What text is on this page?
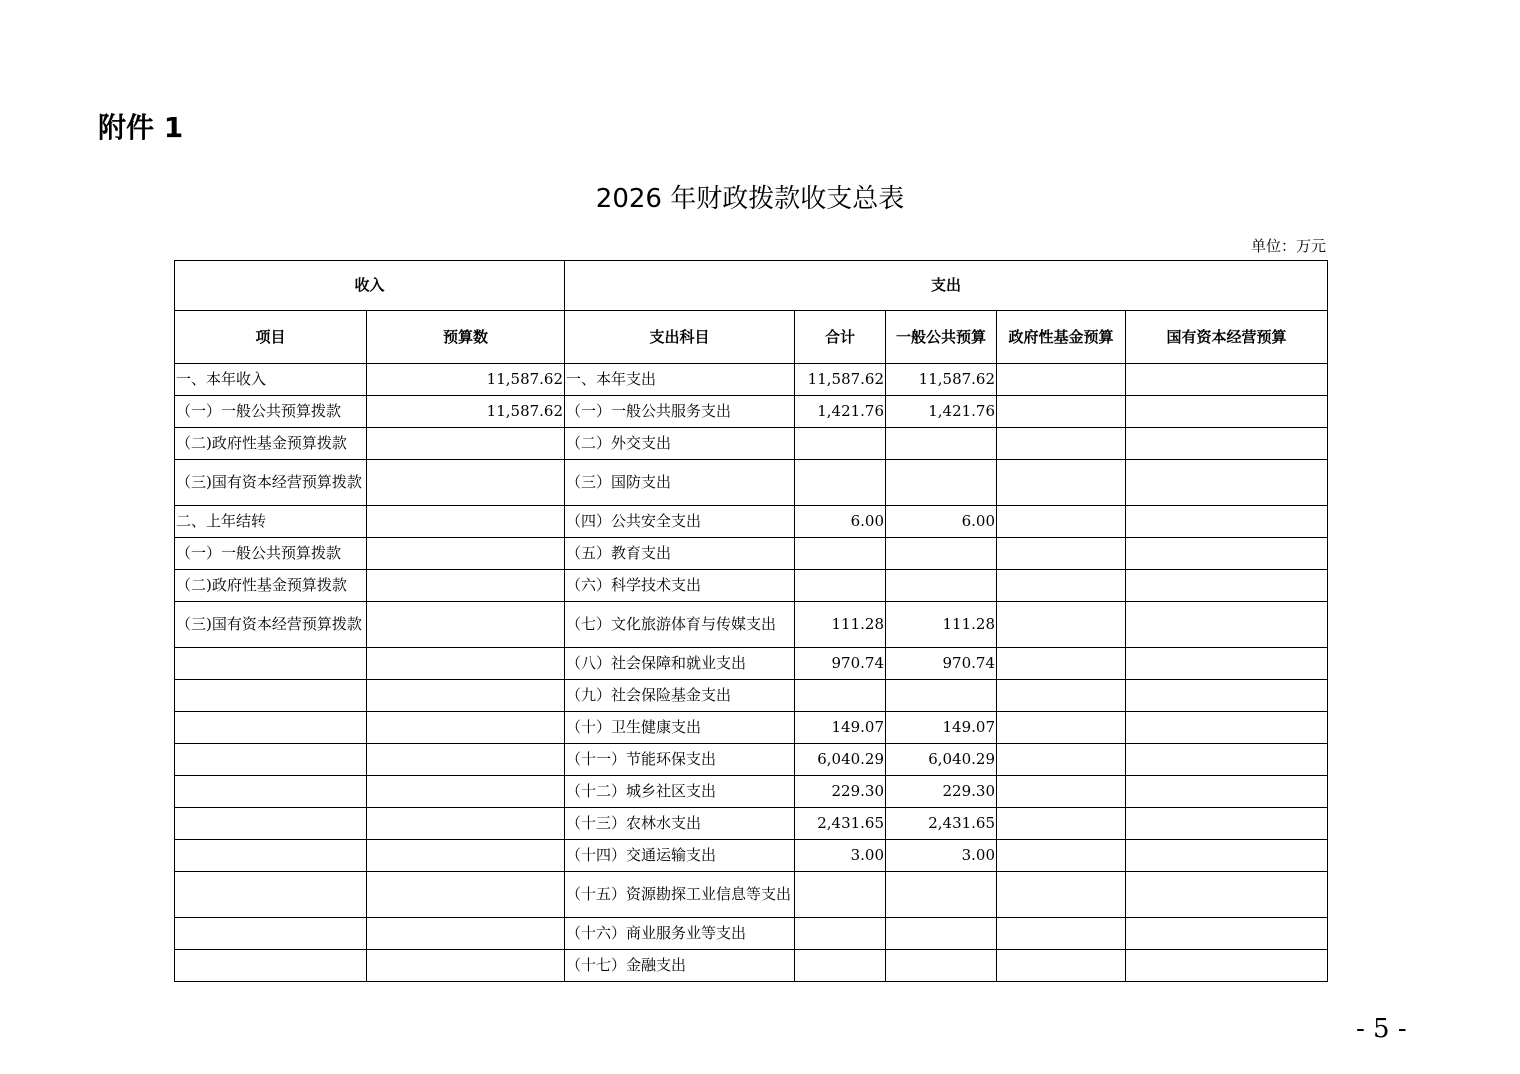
附件 1
2026 年财政拨款收支总表
单位：万元
收入		支出				
项目	预算数	支出科目	合计	一般公共预算	政府性基金预算	国有资本经营预算
一、本年收入	11,587.62	一、本年支出	11,587.62	11,587.62		
（一）一般公共预算拨款	11,587.62	（一）一般公共服务支出	1,421.76	1,421.76		
（二)政府性基金预算拨款		（二）外交支出				
（三)国有资本经营预算拨款		（三）国防支出				
二、上年结转		（四）公共安全支出	6.00	6.00		
（一）一般公共预算拨款		（五）教育支出				
（二)政府性基金预算拨款		（六）科学技术支出				
（三)国有资本经营预算拨款		（七）文化旅游体育与传媒支出	111.28	111.28		
		（八）社会保障和就业支出	970.74	970.74		
		（九）社会保险基金支出				
		（十）卫生健康支出	149.07	149.07		
		（十一）节能环保支出	6,040.29	6,040.29		
		（十二）城乡社区支出	229.30	229.30		
		（十三）农林水支出	2,431.65	2,431.65		
		（十四）交通运输支出	3.00	3.00		
		（十五）资源勘探工业信息等支出				
		（十六）商业服务业等支出				
		（十七）金融支出				
- 5 -
